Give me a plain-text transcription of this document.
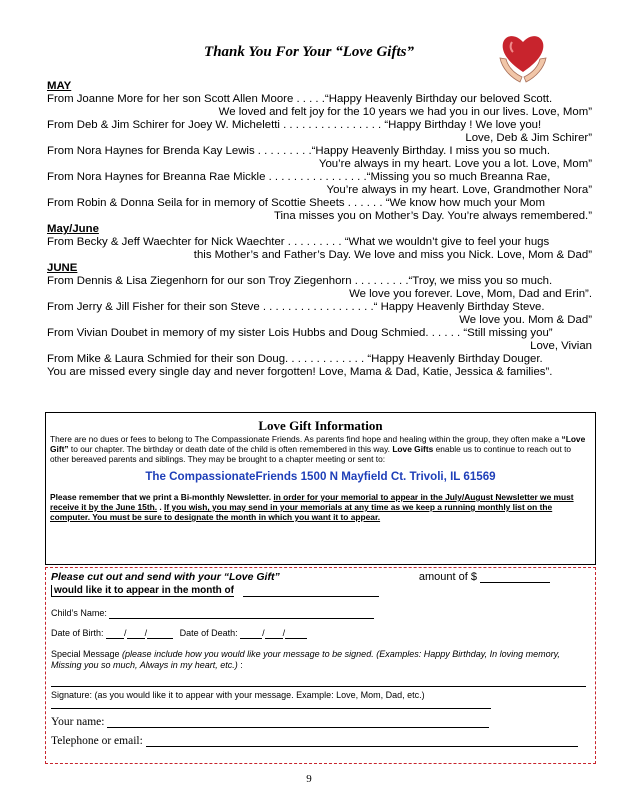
Thank You For Your “Love Gifts”
MAY
From Joanne More for her son Scott Allen Moore . . . . .“Happy Heavenly Birthday our beloved Scott.
We loved and felt joy for the 10 years we had you in our lives. Love, Mom”
From Deb & Jim Schirer for Joey W. Micheletti . . . . . . . . . . . . . . . . “Happy Birthday ! We love you!
Love, Deb & Jim Schirer”
From Nora Haynes for Brenda Kay Lewis . . . . . . . . .“Happy Heavenly Birthday. I miss you so much.
You’re always in my heart. Love you a lot. Love, Mom”
From Nora Haynes for Breanna Rae Mickle . . . . . . . . . . . . . . . .“Missing you so much Breanna Rae,
You’re always in my heart. Love, Grandmother Nora”
From Robin & Donna Seila for in memory of Scottie Sheets . . . . . . “We know how much your Mom
Tina misses you on Mother’s Day. You’re always remembered.”
May/June
From Becky & Jeff Waechter for Nick Waechter . . . . . . . . . “What we wouldn’t give to feel your hugs
this Mother’s and Father’s Day. We love and miss you Nick. Love, Mom & Dad”
JUNE
From Dennis & Lisa Ziegenhorn for our son Troy Ziegenhorn . . . . . . . . .“Troy, we miss you so much.
We love you forever. Love, Mom, Dad and Erin”.
From Jerry & Jill Fisher for their son Steve . . . . . . . . . . . . . . . . . .“ Happy Heavenly Birthday Steve.
We love you. Mom & Dad”
From Vivian Doubet in memory of my sister Lois Hubbs and Doug Schmied. . . . . . “Still missing you”
Love, Vivian
From Mike & Laura Schmied for their son Doug. . . . . . . . . . . . . “Happy Heavenly Birthday Douger.
You are missed every single day and never forgotten! Love, Mama & Dad, Katie, Jessica & families”.
Love Gift Information
There are no dues or fees to belong to The Compassionate Friends. As parents find hope and healing within the group, they often make a “Love Gift” to our chapter. The birthday or death date of the child is often remembered in this way. Love Gifts enable us to continue to reach out to other bereaved parents and siblings. They may be brought to a chapter meeting or sent to:
The CompassionateFriends 1500 N Mayfield Ct. Trivoli, IL 61569
Please remember that we print a Bi-monthly Newsletter. in order for your memorial to appear in the July/August Newsletter we must receive it by the June 15th. . If you wish, you may send in your memorials at any time as we keep a running monthly list on the computer. You must be sure to designate the month in which you want it to appear.
Please cut out and send with your “Love Gift”	amount of $
would like it to appear in the month of
Child’s Name:
Date of Birth: / /	Date of Death:	/ /
Special Message (please include how you would like your message to be signed. (Examples: Happy Birthday, In loving memory, Missing you so much, Always in my heart, etc.) :
Signature: (as you would like it to appear with your message. Example: Love, Mom, Dad, etc.)
Your name:
Telephone or email:
9
